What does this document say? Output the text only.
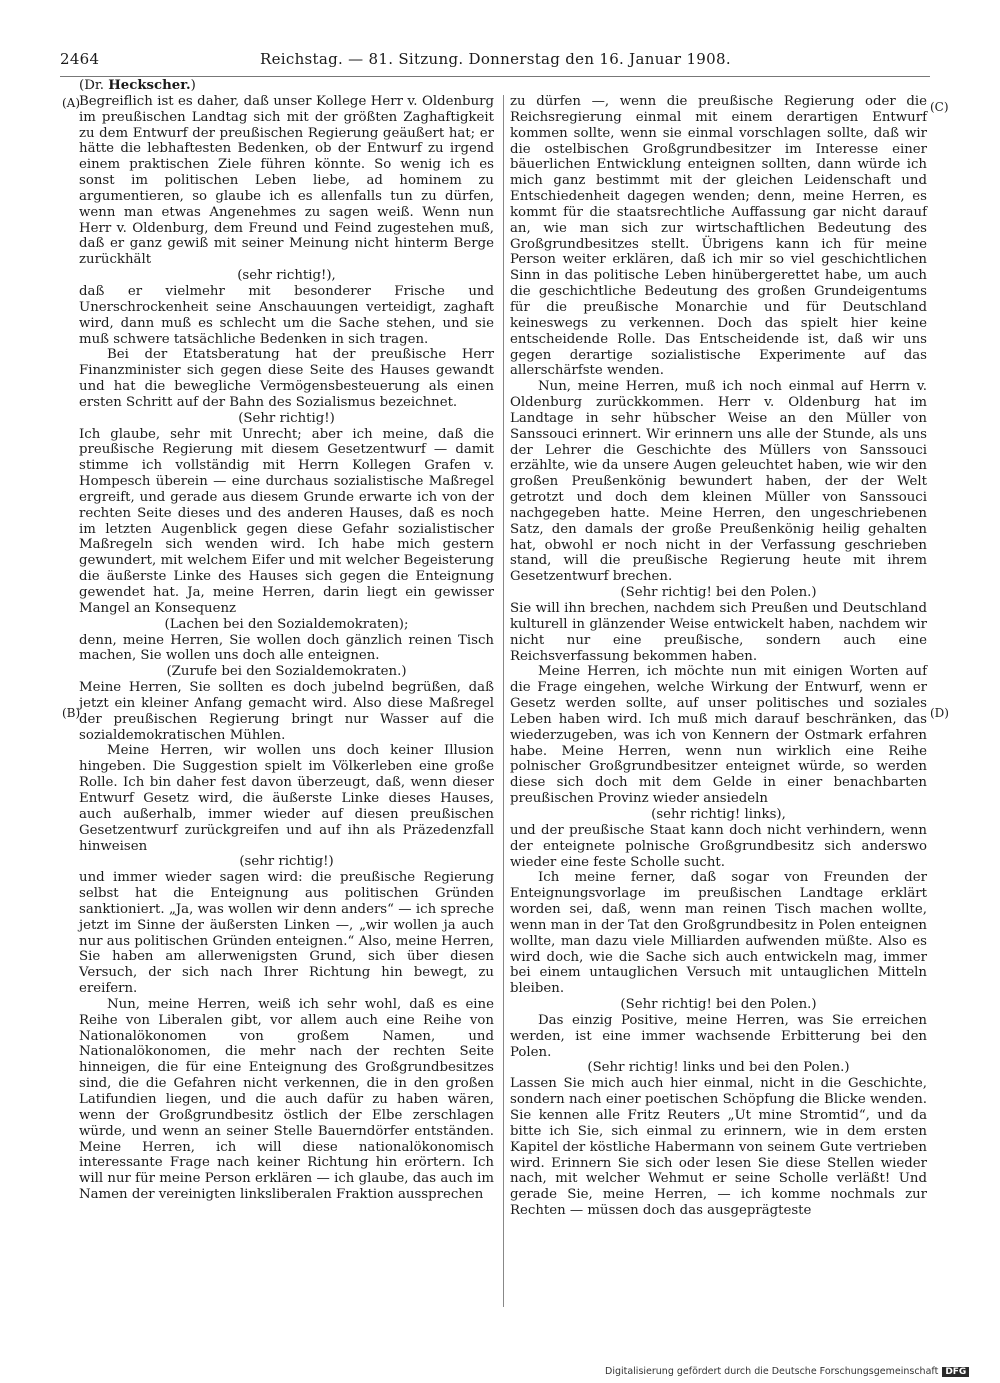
2464	Reichstag. — 81. Sitzung. Donnerstag den 16. Januar 1908.
(A)
(B)
(C)
(D)

(Dr. Heckscher.)

Begreiflich ist es daher, daß unser Kollege Herr v. Oldenburg im preußischen Landtag sich mit der größten Zaghaftigkeit zu dem Entwurf der preußischen Regierung geäußert hat; er hätte die lebhaftesten Bedenken, ob der Entwurf zu irgend einem praktischen Ziele führen könnte. So wenig ich es sonst im politischen Leben liebe, ad hominem zu argumentieren, so glaube ich es allenfalls tun zu dürfen, wenn man etwas Angenehmes zu sagen weiß. Wenn nun Herr v. Oldenburg, dem Freund und Feind zugestehen muß, daß er ganz gewiß mit seiner Meinung nicht hinterm Berge zurückhält

(sehr richtig!),

daß er vielmehr mit besonderer Frische und Unerschrockenheit seine Anschauungen verteidigt, zaghaft wird, dann muß es schlecht um die Sache stehen, und sie muß schwere tatsächliche Bedenken in sich tragen.

Bei der Etatsberatung hat der preußische Herr Finanzminister sich gegen diese Seite des Hauses gewandt und hat die bewegliche Vermögensbesteuerung als einen ersten Schritt auf der Bahn des Sozialismus bezeichnet.

(Sehr richtig!)

Ich glaube, sehr mit Unrecht; aber ich meine, daß die preußische Regierung mit diesem Gesetzentwurf — damit stimme ich vollständig mit Herrn Kollegen Grafen v. Hompesch überein — eine durchaus sozialistische Maßregel ergreift, und gerade aus diesem Grunde erwarte ich von der rechten Seite dieses und des anderen Hauses, daß es noch im letzten Augenblick gegen diese Gefahr sozialistischer Maßregeln sich wenden wird. Ich habe mich gestern gewundert, mit welchem Eifer und mit welcher Begeisterung die äußerste Linke des Hauses sich gegen die Enteignung gewendet hat. Ja, meine Herren, darin liegt ein gewisser Mangel an Konsequenz

(Lachen bei den Sozialdemokraten);

denn, meine Herren, Sie wollen doch gänzlich reinen Tisch machen, Sie wollen uns doch alle enteignen.

(Zurufe bei den Sozialdemokraten.)

Meine Herren, Sie sollten es doch jubelnd begrüßen, daß jetzt ein kleiner Anfang gemacht wird. Also diese Maßregel der preußischen Regierung bringt nur Wasser auf die sozialdemokratischen Mühlen.

Meine Herren, wir wollen uns doch keiner Illusion hingeben. Die Suggestion spielt im Völkerleben eine große Rolle. Ich bin daher fest davon überzeugt, daß, wenn dieser Entwurf Gesetz wird, die äußerste Linke dieses Hauses, auch außerhalb, immer wieder auf diesen preußischen Gesetzentwurf zurückgreifen und auf ihn als Präzedenzfall hinweisen

(sehr richtig!)

und immer wieder sagen wird: die preußische Regierung selbst hat die Enteignung aus politischen Gründen sanktioniert. „Ja, was wollen wir denn anders“ — ich spreche jetzt im Sinne der äußersten Linken —, „wir wollen ja auch nur aus politischen Gründen enteignen.“ Also, meine Herren, Sie haben am allerwenigsten Grund, sich über diesen Versuch, der sich nach Ihrer Richtung hin bewegt, zu ereifern.

Nun, meine Herren, weiß ich sehr wohl, daß es eine Reihe von Liberalen gibt, vor allem auch eine Reihe von Nationalökonomen von großem Namen, und Nationalökonomen, die mehr nach der rechten Seite hinneigen, die für eine Enteignung des Großgrundbesitzes sind, die die Gefahren nicht verkennen, die in den großen Latifundien liegen, und die auch dafür zu haben wären, wenn der Großgrundbesitz östlich der Elbe zerschlagen würde, und wenn an seiner Stelle Bauerndörfer entständen. Meine Herren, ich will diese nationalökonomisch interessante Frage nach keiner Richtung hin erörtern. Ich will nur für meine Person erklären — ich glaube, das auch im Namen der vereinigten linksliberalen Fraktion aussprechen

zu dürfen —, wenn die preußische Regierung oder die Reichsregierung einmal mit einem derartigen Entwurf kommen sollte, wenn sie einmal vorschlagen sollte, daß wir die ostelbischen Großgrundbesitzer im Interesse einer bäuerlichen Entwicklung enteignen sollten, dann würde ich mich ganz bestimmt mit der gleichen Leidenschaft und Entschiedenheit dagegen wenden; denn, meine Herren, es kommt für die staatsrechtliche Auffassung gar nicht darauf an, wie man sich zur wirtschaftlichen Bedeutung des Großgrundbesitzes stellt. Übrigens kann ich für meine Person weiter erklären, daß ich mir so viel geschichtlichen Sinn in das politische Leben hinübergerettet habe, um auch die geschichtliche Bedeutung des großen Grundeigentums für die preußische Monarchie und für Deutschland keineswegs zu verkennen. Doch das spielt hier keine entscheidende Rolle. Das Entscheidende ist, daß wir uns gegen derartige sozialistische Experimente auf das allerschärfste wenden.

Nun, meine Herren, muß ich noch einmal auf Herrn v. Oldenburg zurückkommen. Herr v. Oldenburg hat im Landtage in sehr hübscher Weise an den Müller von Sanssouci erinnert. Wir erinnern uns alle der Stunde, als uns der Lehrer die Geschichte des Müllers von Sanssouci erzählte, wie da unsere Augen geleuchtet haben, wie wir den großen Preußenkönig bewundert haben, der der Welt getrotzt und doch dem kleinen Müller von Sanssouci nachgegeben hatte. Meine Herren, den ungeschriebenen Satz, den damals der große Preußenkönig heilig gehalten hat, obwohl er noch nicht in der Verfassung geschrieben stand, will die preußische Regierung heute mit ihrem Gesetzentwurf brechen.

(Sehr richtig! bei den Polen.)

Sie will ihn brechen, nachdem sich Preußen und Deutschland kulturell in glänzender Weise entwickelt haben, nachdem wir nicht nur eine preußische, sondern auch eine Reichsverfassung bekommen haben.

Meine Herren, ich möchte nun mit einigen Worten auf die Frage eingehen, welche Wirkung der Entwurf, wenn er Gesetz werden sollte, auf unser politisches und soziales Leben haben wird. Ich muß mich darauf beschränken, das wiederzugeben, was ich von Kennern der Ostmark erfahren habe. Meine Herren, wenn nun wirklich eine Reihe polnischer Großgrundbesitzer enteignet würde, so werden diese sich doch mit dem Gelde in einer benachbarten preußischen Provinz wieder ansiedeln

(sehr richtig! links),

und der preußische Staat kann doch nicht verhindern, wenn der enteignete polnische Großgrundbesitz sich anderswo wieder eine feste Scholle sucht.

Ich meine ferner, daß sogar von Freunden der Enteignungsvorlage im preußischen Landtage erklärt worden sei, daß, wenn man reinen Tisch machen wollte, wenn man in der Tat den Großgrundbesitz in Polen enteignen wollte, man dazu viele Milliarden aufwenden müßte. Also es wird doch, wie die Sache sich auch entwickeln mag, immer bei einem untauglichen Versuch mit untauglichen Mitteln bleiben.

(Sehr richtig! bei den Polen.)

Das einzig Positive, meine Herren, was Sie erreichen werden, ist eine immer wachsende Erbitterung bei den Polen.

(Sehr richtig! links und bei den Polen.)

Lassen Sie mich auch hier einmal, nicht in die Geschichte, sondern nach einer poetischen Schöpfung die Blicke wenden. Sie kennen alle Fritz Reuters „Ut mine Stromtid“, und da bitte ich Sie, sich einmal zu erinnern, wie in dem ersten Kapitel der köstliche Habermann von seinem Gute vertrieben wird. Erinnern Sie sich oder lesen Sie diese Stellen wieder nach, mit welcher Wehmut er seine Scholle verläßt! Und gerade Sie, meine Herren, — ich komme nochmals zur Rechten — müssen doch das ausgeprägteste

Digitalisierung gefördert durch die Deutsche Forschungsgemeinschaft DFG
